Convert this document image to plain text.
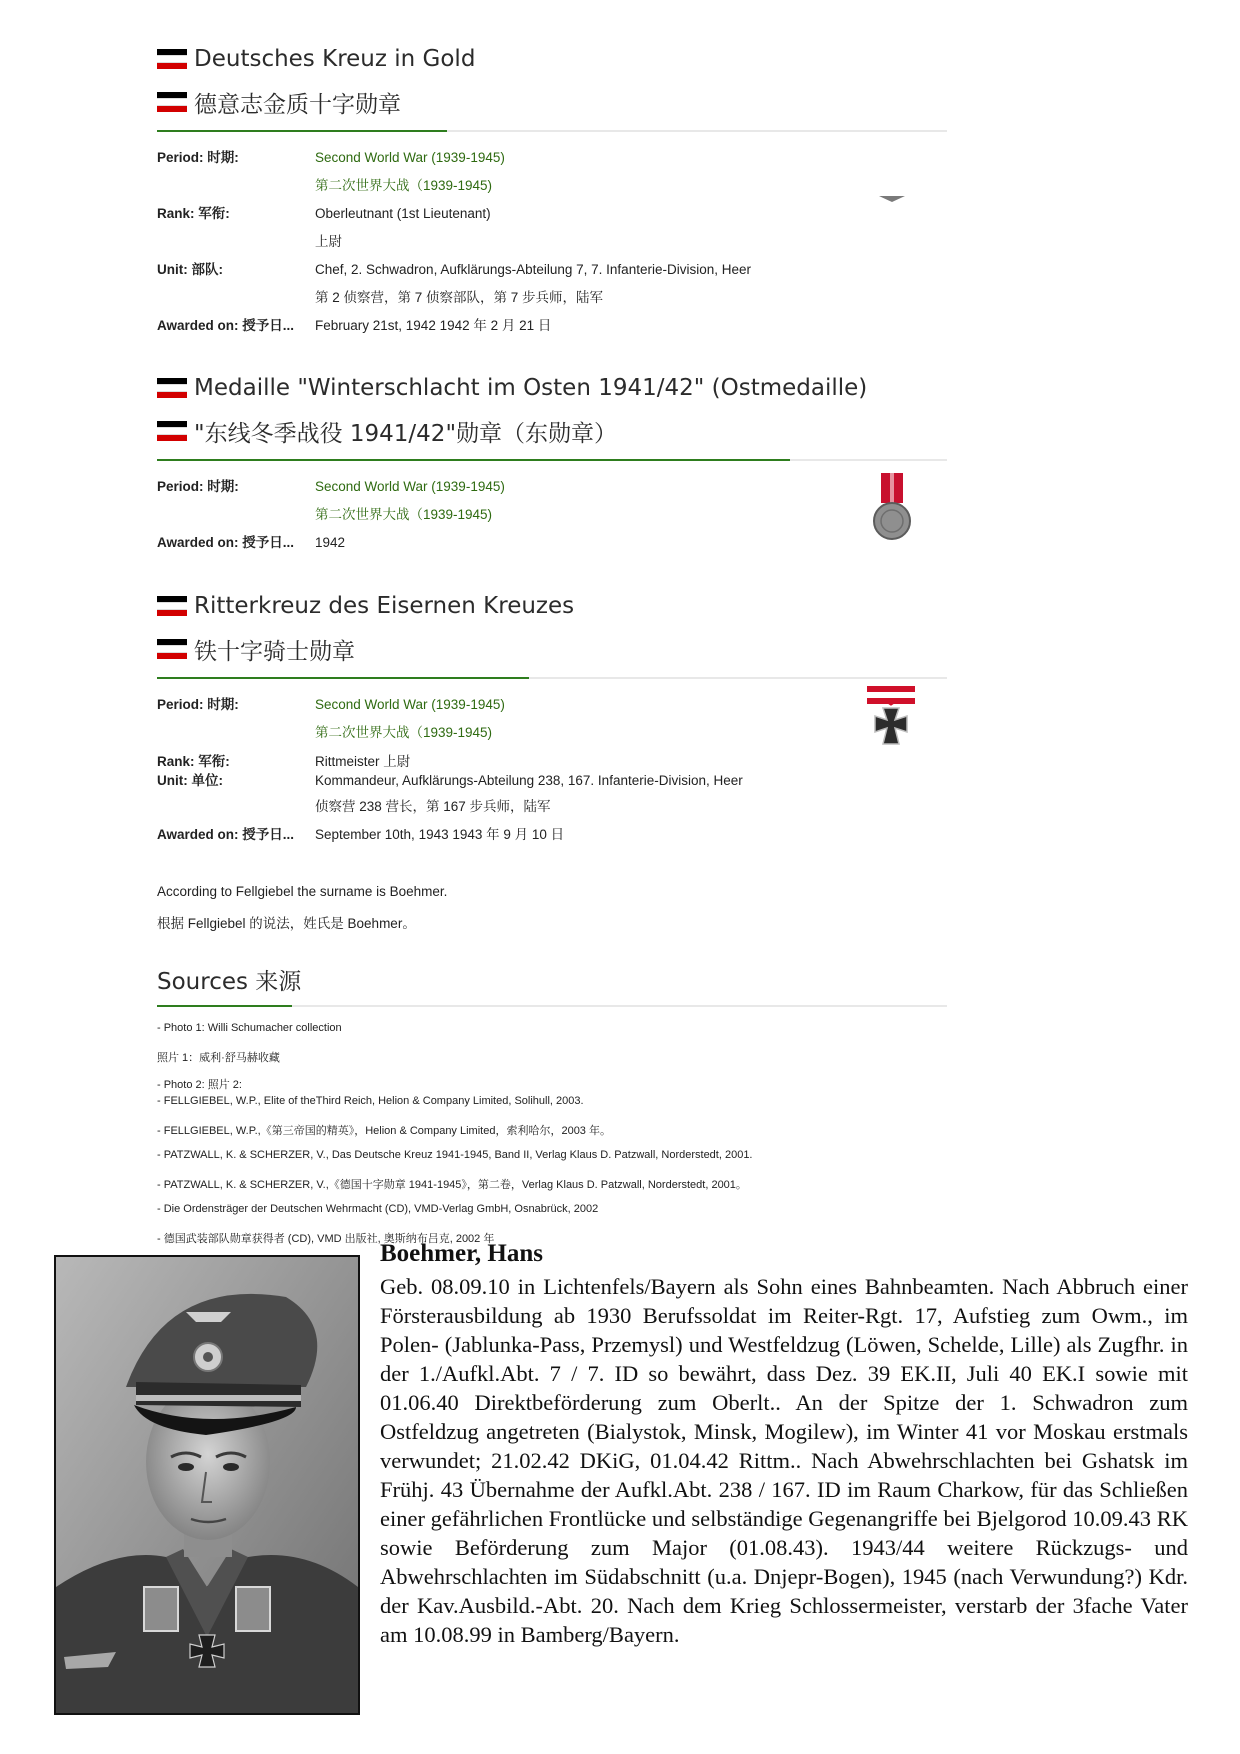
Deutsches Kreuz in Gold
德意志金质十字勋章
Period: 时期:	Second World War (1939-1945)
第二次世界大战（1939-1945)
Rank: 军衔:	Oberleutnant (1st Lieutenant)
上尉
Unit: 部队:	Chef, 2. Schwadron, Aufklärungs-Abteilung 7, 7. Infanterie-Division, Heer
第 2 侦察营，第 7 侦察部队，第 7 步兵师，陆军
Awarded on: 授予日...	February 21st, 1942 1942 年 2 月 21 日
Medaille "Winterschlacht im Osten 1941/42" (Ostmedaille)
"东线冬季战役 1941/42"勋章（东勋章）
Period: 时期:	Second World War (1939-1945)
第二次世界大战（1939-1945)
Awarded on: 授予日...	1942
Ritterkreuz des Eisernen Kreuzes
铁十字骑士勋章
Period: 时期:	Second World War (1939-1945)
第二次世界大战（1939-1945)
Rank: 军衔:	Rittmeister 上尉
Unit: 单位:	Kommandeur, Aufklärungs-Abteilung 238, 167. Infanterie-Division, Heer
侦察营 238 营长，第 167 步兵师，陆军
Awarded on: 授予日...	September 10th, 1943 1943 年 9 月 10 日
According to Fellgiebel the surname is Boehmer.
根据 Fellgiebel 的说法，姓氏是 Boehmer。
Sources 来源
- Photo 1: Willi Schumacher collection
照片 1：威利·舒马赫收藏
- Photo 2: 照片 2:
- FELLGIEBEL, W.P., Elite of theThird Reich, Helion & Company Limited, Solihull, 2003.
- FELLGIEBEL, W.P.,《第三帝国的精英》，Helion & Company Limited，索利哈尔，2003 年。
- PATZWALL, K. & SCHERZER, V., Das Deutsche Kreuz 1941-1945, Band II, Verlag Klaus D. Patzwall, Norderstedt, 2001.
- PATZWALL, K. & SCHERZER, V.,《德国十字勋章 1941-1945》，第二卷，Verlag Klaus D. Patzwall, Norderstedt, 2001。
- Die Ordensträger der Deutschen Wehrmacht (CD), VMD-Verlag GmbH, Osnabrück, 2002
- 德国武装部队勋章获得者 (CD), VMD 出版社, 奥斯纳布吕克, 2002 年
Boehmer, Hans
Geb. 08.09.10 in Lichtenfels/Bayern als Sohn eines Bahnbeamten. Nach Abbruch einer Försterausbildung ab 1930 Berufssoldat im Reiter-Rgt. 17, Aufstieg zum Owm., im Polen- (Jablunka-Pass, Przemysl) und Westfeldzug (Löwen, Schelde, Lille) als Zugfhr. in der 1./Aufkl.Abt. 7 / 7. ID so bewährt, dass Dez. 39 EK.II, Juli 40 EK.I sowie mit 01.06.40 Direktbeförderung zum Oberlt.. An der Spitze der 1. Schwadron zum Ostfeldzug angetreten (Bialystok, Minsk, Mogilew), im Winter 41 vor Moskau erstmals verwundet; 21.02.42 DKiG, 01.04.42 Rittm.. Nach Abwehrschlachten bei Gshatsk im Frühj. 43 Übernahme der Aufkl.Abt. 238 / 167. ID im Raum Charkow, für das Schließen einer gefährlichen Frontlücke und selbständige Gegenangriffe bei Bjelgorod 10.09.43 RK sowie Beförderung zum Major (01.08.43). 1943/44 weitere Rückzugs- und Abwehrschlachten im Südabschnitt (u.a. Dnjepr-Bogen), 1945 (nach Verwundung?) Kdr. der Kav.Ausbild.-Abt. 20. Nach dem Krieg Schlossermeister, verstarb der 3fache Vater am 10.08.99 in Bamberg/Bayern.
